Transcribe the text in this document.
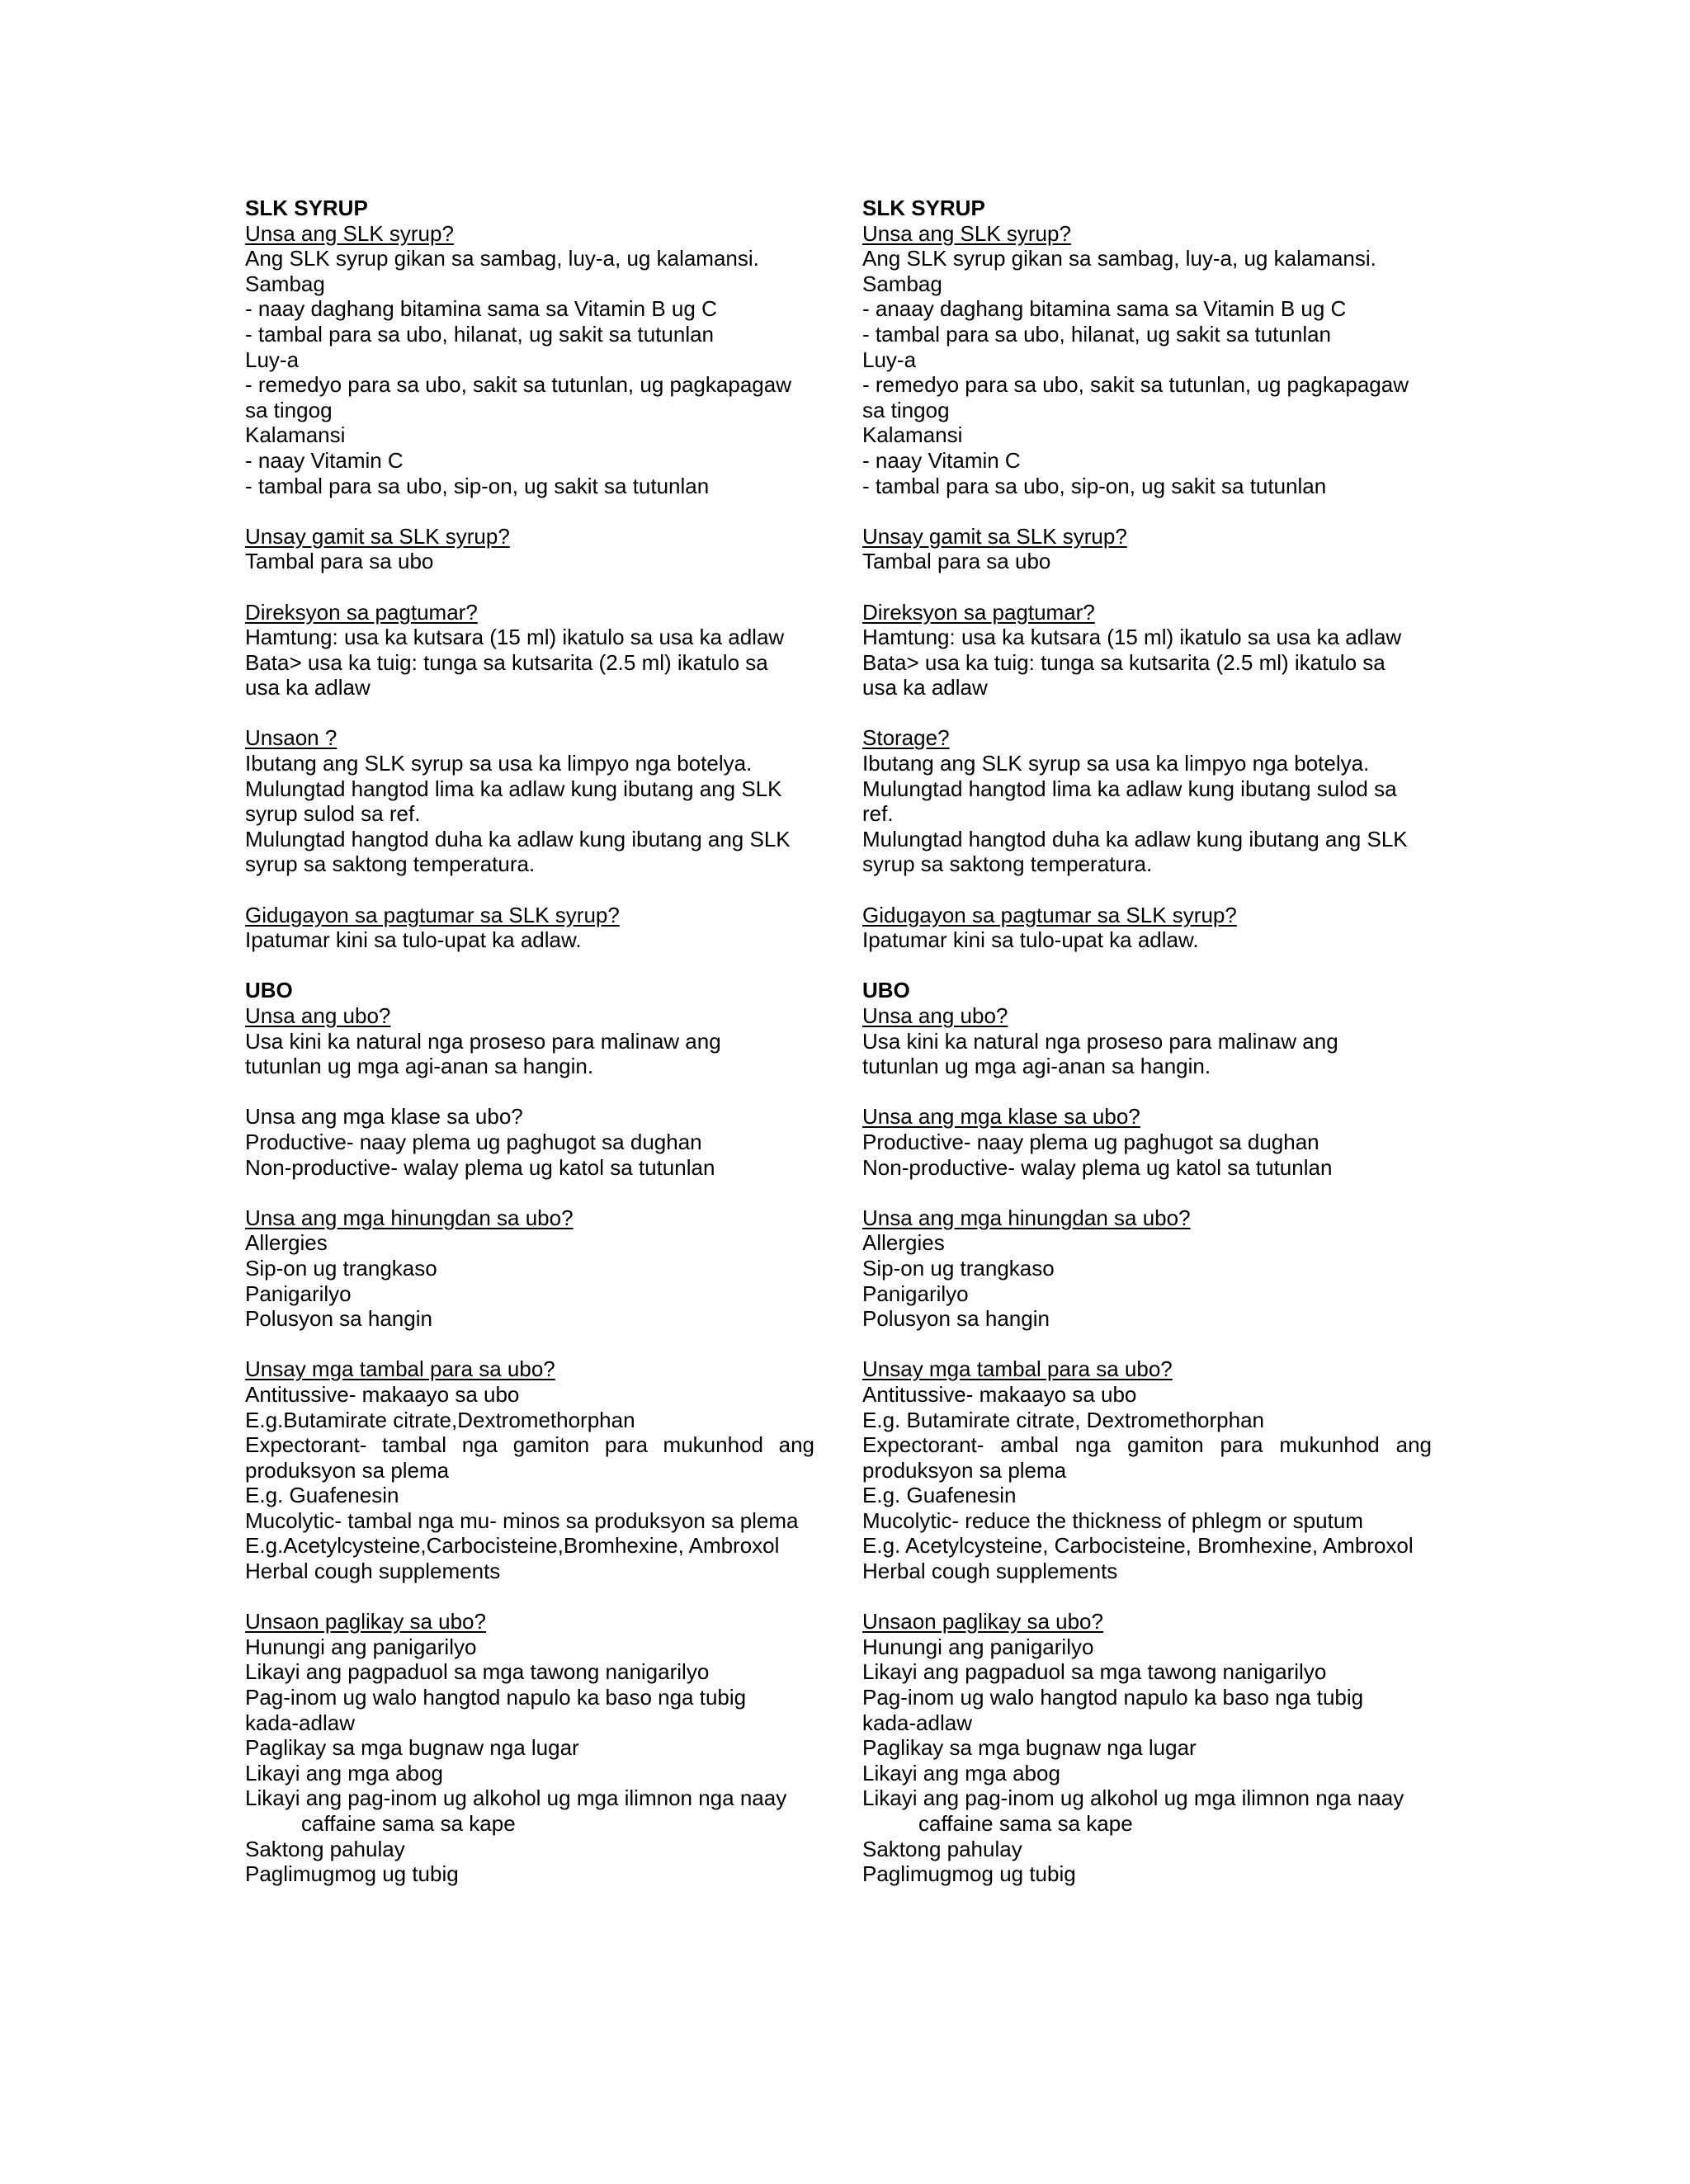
SLK SYRUP
Unsa ang SLK syrup?
Ang SLK syrup gikan sa sambag, luy-a, ug kalamansi.
Sambag
- naay daghang bitamina sama sa Vitamin B ug C
- tambal para sa ubo, hilanat, ug sakit sa tutunlan
Luy-a
- remedyo para sa ubo, sakit sa tutunlan, ug pagkapagaw
sa tingog
Kalamansi
- naay Vitamin C
- tambal para sa ubo, sip-on, ug sakit sa tutunlan
Unsay gamit sa SLK syrup?
Tambal para sa ubo
Direksyon sa pagtumar?
Hamtung: usa ka kutsara (15 ml) ikatulo sa usa ka adlaw
Bata> usa ka tuig: tunga sa kutsarita (2.5 ml) ikatulo sa
usa ka adlaw
Unsaon ?
Ibutang ang SLK syrup sa usa ka limpyo nga botelya.
Mulungtad hangtod lima ka adlaw kung ibutang ang SLK
syrup sulod sa ref.
Mulungtad hangtod duha ka adlaw kung ibutang ang SLK
syrup sa saktong temperatura.
Gidugayon sa pagtumar sa SLK syrup?
Ipatumar kini sa tulo-upat ka adlaw.
UBO
Unsa ang ubo?
Usa kini ka natural nga proseso para malinaw ang
tutunlan ug mga agi-anan sa hangin.
Unsa ang mga klase sa ubo?
Productive- naay plema ug paghugot sa dughan
Non-productive- walay plema ug katol sa tutunlan
Unsa ang mga hinungdan sa ubo?
Allergies
Sip-on ug trangkaso
Panigarilyo
Polusyon sa hangin
Unsay mga tambal para sa ubo?
Antitussive- makaayo sa ubo
E.g.Butamirate citrate,Dextromethorphan
Expectorant- tambal nga gamiton para mukunhod ang produksyon sa plema
E.g. Guafenesin
Mucolytic- tambal nga mu- minos sa produksyon sa plema
E.g.Acetylcysteine,Carbocisteine,Bromhexine, Ambroxol
Herbal cough supplements
Unsaon paglikay sa ubo?
Hunungi ang panigarilyo
Likayi ang pagpaduol sa mga tawong nanigarilyo
Pag-inom ug walo hangtod napulo ka baso nga tubig
kada-adlaw
Paglikay sa mga bugnaw nga lugar
Likayi ang mga abog
Likayi ang pag-inom ug alkohol ug mga ilimnon nga naay
caffaine sama sa kape
Saktong pahulay
Paglimugmog ug tubig
SLK SYRUP
Unsa ang SLK syrup?
Ang SLK syrup gikan sa sambag, luy-a, ug kalamansi.
Sambag
- anaay daghang bitamina sama sa Vitamin B ug C
- tambal para sa ubo, hilanat, ug sakit sa tutunlan
Luy-a
- remedyo para sa ubo, sakit sa tutunlan, ug pagkapagaw
sa tingog
Kalamansi
- naay Vitamin C
- tambal para sa ubo, sip-on, ug sakit sa tutunlan
Unsay gamit sa SLK syrup?
Tambal para sa ubo
Direksyon sa pagtumar?
Hamtung: usa ka kutsara (15 ml) ikatulo sa usa ka adlaw
Bata> usa ka tuig: tunga sa kutsarita (2.5 ml) ikatulo sa
usa ka adlaw
Storage?
Ibutang ang SLK syrup sa usa ka limpyo nga botelya.
Mulungtad hangtod lima ka adlaw kung ibutang sulod sa
ref.
Mulungtad hangtod duha ka adlaw kung ibutang ang SLK
syrup sa saktong temperatura.
Gidugayon sa pagtumar sa SLK syrup?
Ipatumar kini sa tulo-upat ka adlaw.
UBO
Unsa ang ubo?
Usa kini ka natural nga proseso para malinaw ang
tutunlan ug mga agi-anan sa hangin.
Unsa ang mga klase sa ubo?
Productive- naay plema ug paghugot sa dughan
Non-productive- walay plema ug katol sa tutunlan
Unsa ang mga hinungdan sa ubo?
Allergies
Sip-on ug trangkaso
Panigarilyo
Polusyon sa hangin
Unsay mga tambal para sa ubo?
Antitussive- makaayo sa ubo
E.g. Butamirate citrate, Dextromethorphan
Expectorant- ambal nga gamiton para mukunhod ang produksyon sa plema
E.g. Guafenesin
Mucolytic- reduce the thickness of phlegm or sputum
E.g. Acetylcysteine, Carbocisteine, Bromhexine, Ambroxol
Herbal cough supplements
Unsaon paglikay sa ubo?
Hunungi ang panigarilyo
Likayi ang pagpaduol sa mga tawong nanigarilyo
Pag-inom ug walo hangtod napulo ka baso nga tubig
kada-adlaw
Paglikay sa mga bugnaw nga lugar
Likayi ang mga abog
Likayi ang pag-inom ug alkohol ug mga ilimnon nga naay
caffaine sama sa kape
Saktong pahulay
Paglimugmog ug tubig
